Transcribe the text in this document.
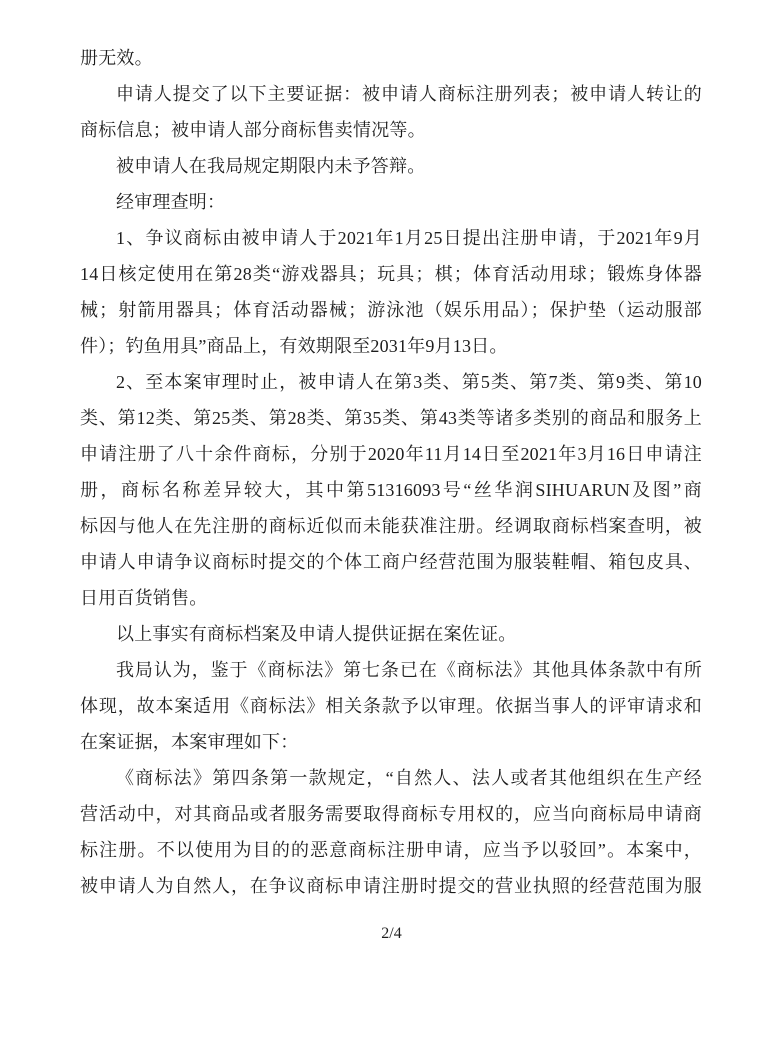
册无效。
申请人提交了以下主要证据：被申请人商标注册列表；被申请人转让的
商标信息；被申请人部分商标售卖情况等。
被申请人在我局规定期限内未予答辩。
经审理查明：
1、争议商标由被申请人于2021年1月25日提出注册申请，于2021年9月
14日核定使用在第28类“游戏器具；玩具；棋；体育活动用球；锻炼身体器
械；射箭用器具；体育活动器械；游泳池（娱乐用品）；保护垫（运动服部
件）；钓鱼用具”商品上，有效期限至2031年9月13日。
2、至本案审理时止，被申请人在第3类、第5类、第7类、第9类、第10
类、第12类、第25类、第28类、第35类、第43类等诸多类别的商品和服务上
申请注册了八十余件商标，分别于2020年11月14日至2021年3月16日申请注
册，商标名称差异较大，其中第51316093号“丝华润SIHUARUN及图”商
标因与他人在先注册的商标近似而未能获准注册。经调取商标档案查明，被
申请人申请争议商标时提交的个体工商户经营范围为服装鞋帽、箱包皮具、
日用百货销售。
以上事实有商标档案及申请人提供证据在案佐证。
我局认为，鉴于《商标法》第七条已在《商标法》其他具体条款中有所
体现，故本案适用《商标法》相关条款予以审理。依据当事人的评审请求和
在案证据，本案审理如下：
《商标法》第四条第一款规定，“自然人、法人或者其他组织在生产经
营活动中，对其商品或者服务需要取得商标专用权的，应当向商标局申请商
标注册。不以使用为目的的恶意商标注册申请，应当予以驳回”。本案中，
被申请人为自然人，在争议商标申请注册时提交的营业执照的经营范围为服
2/4
